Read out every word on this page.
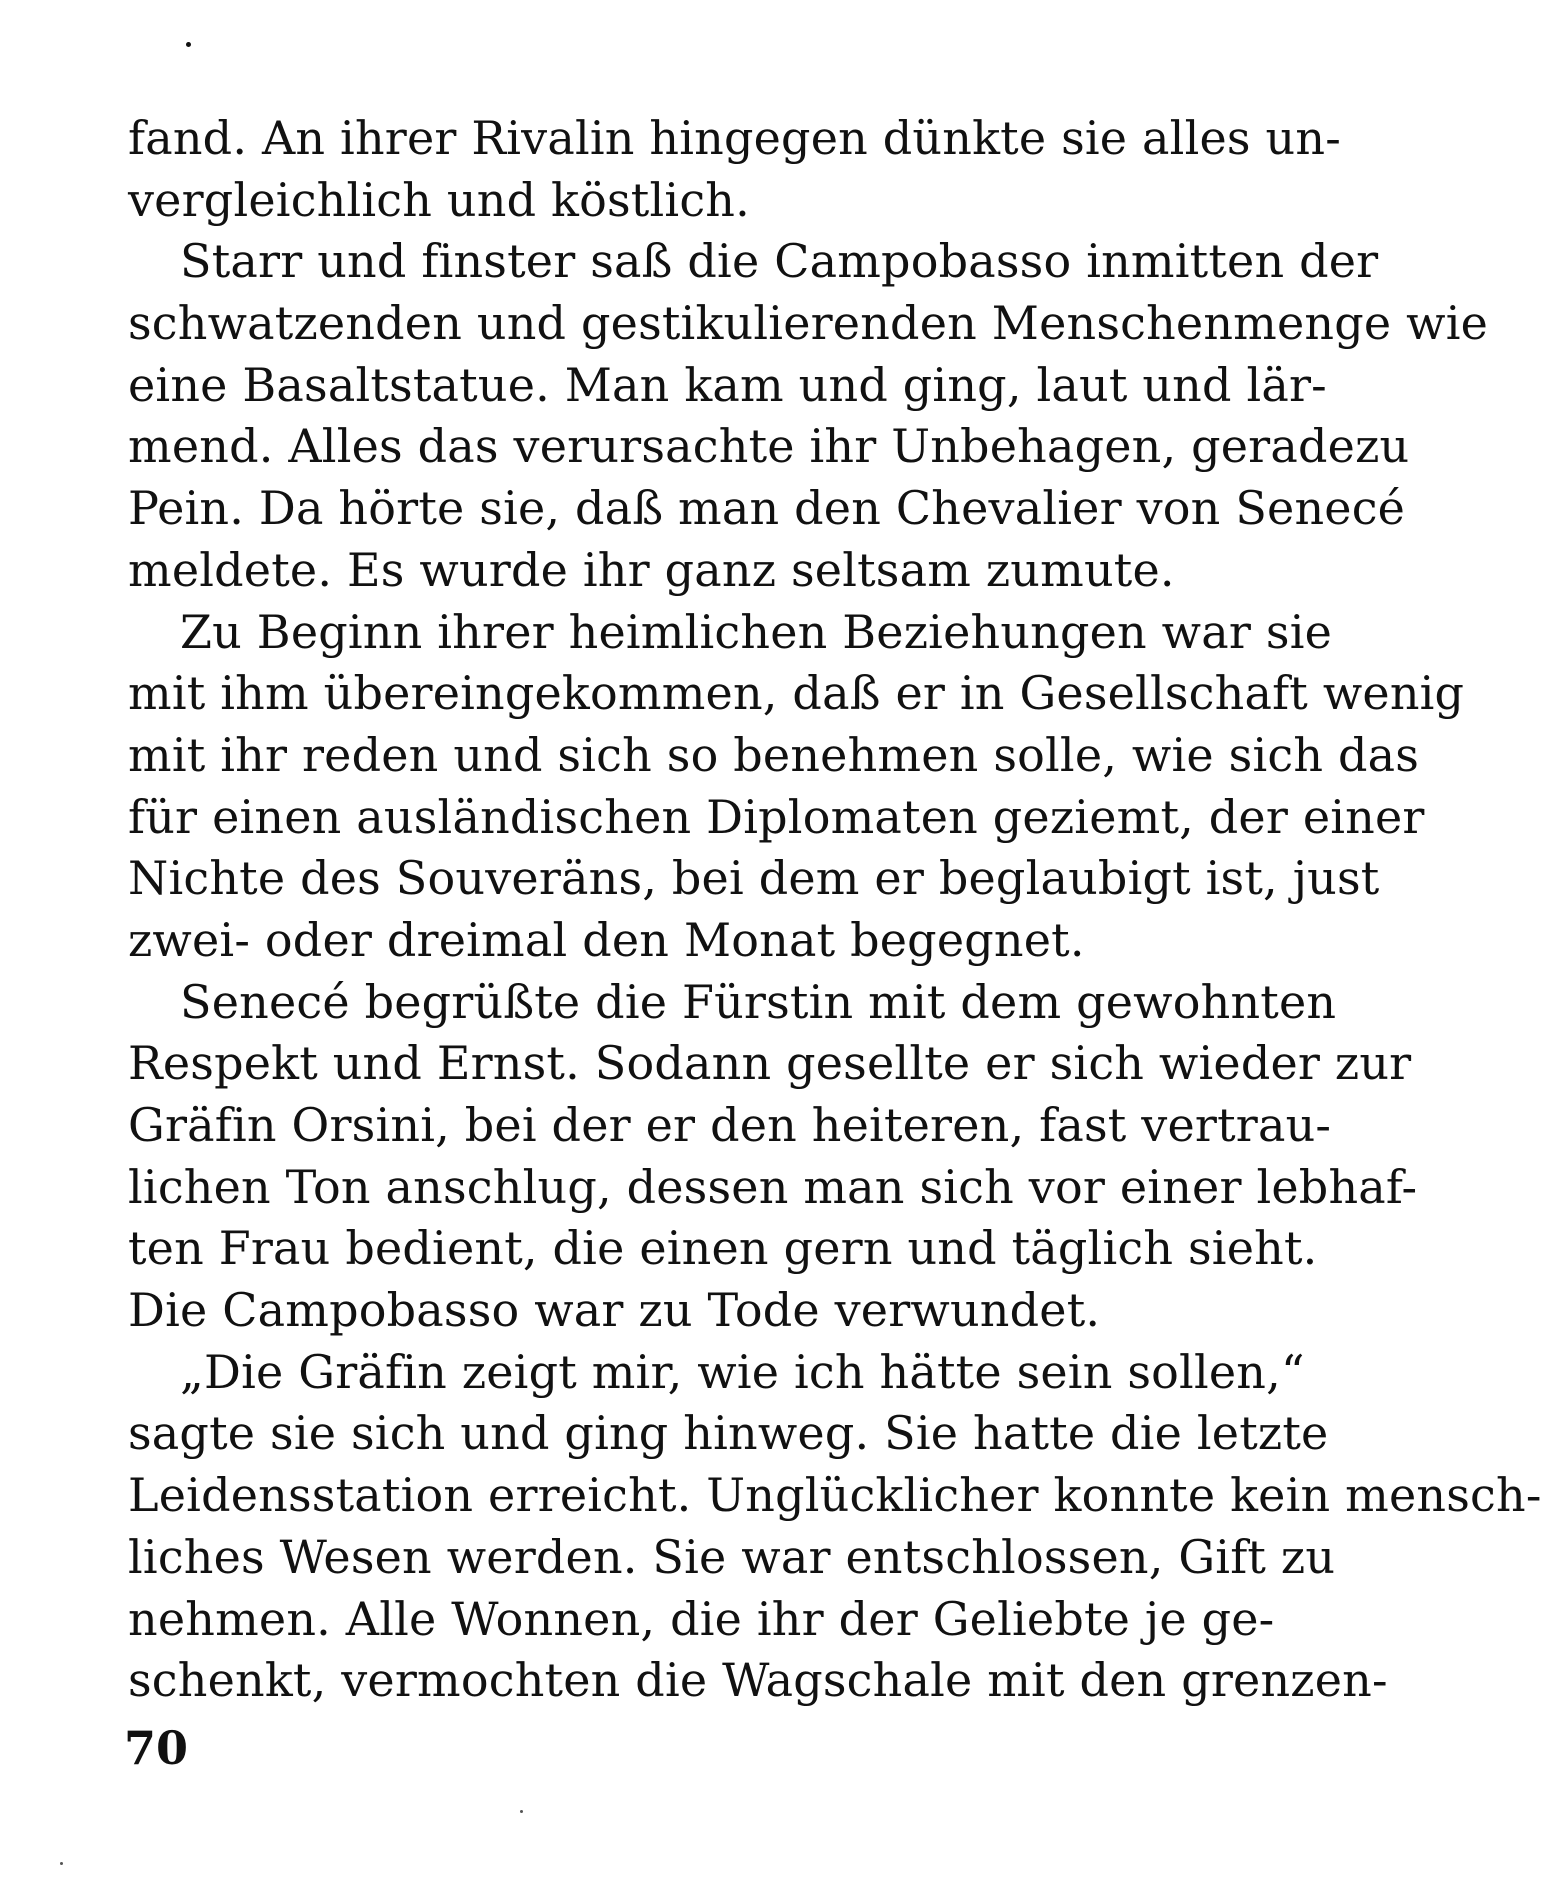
fand. An ihrer Rivalin hingegen dünkte sie alles un-
vergleichlich und köstlich.
Starr und finster saß die Campobasso inmitten der
schwatzenden und gestikulierenden Menschenmenge wie
eine Basaltstatue. Man kam und ging, laut und lär-
mend. Alles das verursachte ihr Unbehagen, geradezu
Pein. Da hörte sie, daß man den Chevalier von Senecé
meldete. Es wurde ihr ganz seltsam zumute.
Zu Beginn ihrer heimlichen Beziehungen war sie
mit ihm übereingekommen, daß er in Gesellschaft wenig
mit ihr reden und sich so benehmen solle, wie sich das
für einen ausländischen Diplomaten geziemt, der einer
Nichte des Souveräns, bei dem er beglaubigt ist, just
zwei- oder dreimal den Monat begegnet.
Senecé begrüßte die Fürstin mit dem gewohnten
Respekt und Ernst. Sodann gesellte er sich wieder zur
Gräfin Orsini, bei der er den heiteren, fast vertrau-
lichen Ton anschlug, dessen man sich vor einer lebhaf-
ten Frau bedient, die einen gern und täglich sieht.
Die Campobasso war zu Tode verwundet.
„Die Gräfin zeigt mir, wie ich hätte sein sollen,“
sagte sie sich und ging hinweg. Sie hatte die letzte
Leidensstation erreicht. Unglücklicher konnte kein mensch-
liches Wesen werden. Sie war entschlossen, Gift zu
nehmen. Alle Wonnen, die ihr der Geliebte je ge-
schenkt, vermochten die Wagschale mit den grenzen-
70
